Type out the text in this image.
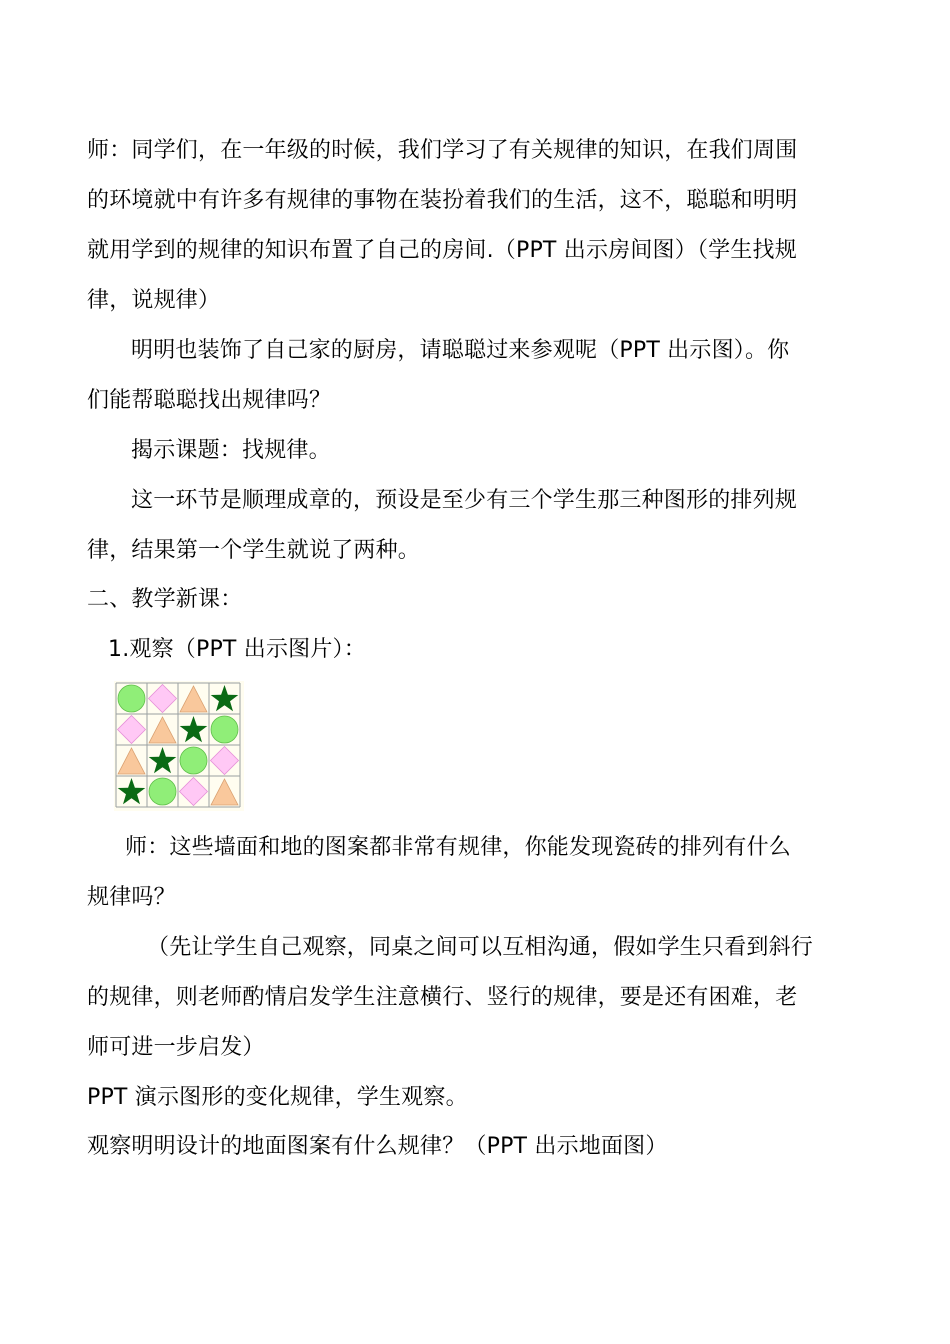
师：同学们，在一年级的时候，我们学习了有关规律的知识，在我们周围
的环境就中有许多有规律的事物在装扮着我们的生活，这不，聪聪和明明
就用学到的规律的知识布置了自己的房间.（PPT 出示房间图）（学生找规
律，说规律）
明明也装饰了自己家的厨房，请聪聪过来参观呢（PPT 出示图）。你
们能帮聪聪找出规律吗？
揭示课题：找规律。
这一环节是顺理成章的，预设是至少有三个学生那三种图形的排列规
律，结果第一个学生就说了两种。
二、教学新课：
1.观察（PPT 出示图片）：
师：这些墙面和地的图案都非常有规律，你能发现瓷砖的排列有什么
规律吗？
（先让学生自己观察，同桌之间可以互相沟通，假如学生只看到斜行
的规律，则老师酌情启发学生注意横行、竖行的规律，要是还有困难，老
师可进一步启发）
PPT 演示图形的变化规律，学生观察。
观察明明设计的地面图案有什么规律？（PPT 出示地面图）
